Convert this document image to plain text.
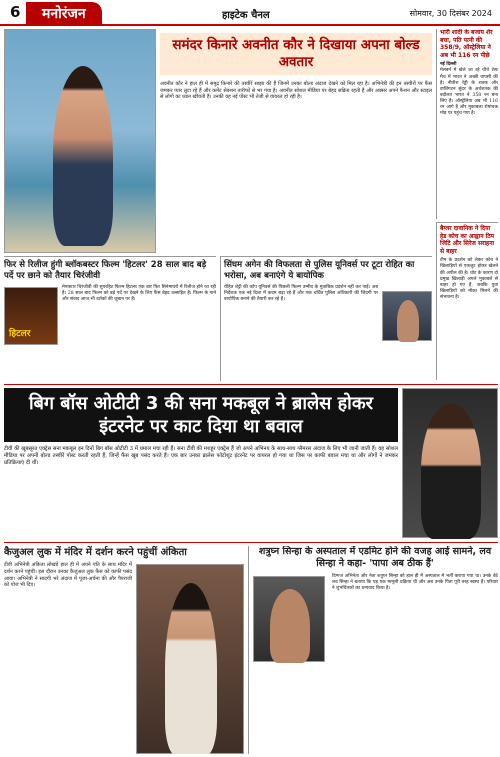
6	मनोरंजन	हाइटेक चैनल	सोमवार, 30 दिसंबर 2024
समंदर किनारे अवनीत कौर ने दिखाया अपना बोल्ड अवतार
अवनीत कौर ने हाल ही में समुद्र किनारे की तस्वीरें साझा की हैं जिनमें उनका बोल्ड अंदाज देखने को मिल रहा है। अभिनेत्री की इन तस्वीरों पर फैंस जमकर प्यार लुटा रहे हैं और कमेंट सेक्शन तारीफों से भर गया है। अवनीत सोशल मीडिया पर बेहद सक्रिय रहती हैं और अक्सर अपने फैशन और स्टाइल से लोगों का ध्यान खींचती हैं। उनकी यह नई पोस्ट भी तेजी से वायरल हो रही है।
भारी शादी के बजाय शेर बचा, पति पत्नी की 358/9, ऑस्ट्रेलिया ने अब भी 116 रन पीछे
नई दिल्ली
मेलबर्न में खेले जा रहे चौथे टेस्ट मैच में भारत ने अच्छी वापसी की है। नीतीश रेड्डी के शतक और वाशिंगटन सुंदर के अर्धशतक की बदौलत भारत ने 358 रन बना लिए हैं। ऑस्ट्रेलिया अब भी 116 रन आगे है और मुकाबला रोमांचक मोड़ पर पहुंच गया है।
बैग्लर दावानिक ने दिया हेड कोच का आह्वान ठिप जिटि और सिरेज सराहना से बाहर
टीम के प्रदर्शन को लेकर कोच ने खिलाड़ियों से एकजुट होकर खेलने की अपील की है। चोट के कारण दो प्रमुख खिलाड़ी अगले मुकाबले से बाहर हो गए हैं, जबकि युवा खिलाड़ियों को मौका मिलने की संभावना है।
फिर से रिलीज हुंगी ब्लॉकबस्टर फिल्म 'हिटलर' 28 साल बाद बड़े पर्दे पर छाने को तैयार चिरंजीवी
हिटलर
मेगास्टार चिरंजीवी की सुपरहिट फिल्म हिटलर एक बार फिर सिनेमाघरों में रिलीज होने जा रही है। 28 साल बाद फिल्म को बड़े पर्दे पर देखने के लिए फैंस बेहद उत्साहित हैं। फिल्म के गाने और संवाद आज भी दर्शकों की जुबान पर हैं।
सिंघम अगेन की विफलता से पुलिस यूनिवर्स पर टूटा रोहित का भरोसा, अब बनाएंगे ये बायोपिक
रोहित शेट्टी की कॉप यूनिवर्स की पिछली फिल्म उम्मीद के मुताबिक प्रदर्शन नहीं कर पाई। अब निर्देशक एक नई दिशा में कदम बढ़ा रहे हैं और एक चर्चित पुलिस अधिकारी की जिंदगी पर बायोपिक बनाने की तैयारी कर रहे हैं।
बिग बॉस ओटीटी 3 की सना मकबूल ने ब्रालेस होकर इंटरनेट पर काट दिया था बवाल
टीवी की खूबसूरत एक्ट्रेस सना मकबूल इन दिनों बिग बॉस ओटीटी 3 में धमाल मचा रही हैं। सना टीवी की मशहूर एक्ट्रेस हैं जो अपने अभिनय के साथ-साथ ग्लैमरस अंदाज के लिए भी जानी जाती हैं। वह सोशल मीडिया पर अपनी बोल्ड तस्वीरें पोस्ट करती रहती हैं, जिन्हें फैंस खूब पसंद करते हैं। एक बार उनका ब्रालेस फोटोशूट इंटरनेट पर वायरल हो गया था जिस पर काफी बवाल मचा था और लोगों ने जमकर प्रतिक्रियाएं दी थीं।
कैजुअल लुक में मंदिर में दर्शन करने पहुंचीं अंकिता
टीवी अभिनेत्री अंकिता लोखंडे हाल ही में अपने पति के साथ मंदिर में दर्शन करने पहुंचीं। इस दौरान उनका कैजुअल लुक फैंस को काफी पसंद आया। अभिनेत्री ने सादगी भरे अंदाज में पूजा-अर्चना की और पैपराजी को पोज भी दिए।
शत्रुघ्न सिन्हा के अस्पताल में एडमिट होने की वजह आई सामने, लव सिन्हा ने कहा- 'पापा अब ठीक हैं'
दिग्गज अभिनेता और नेता शत्रुघ्न सिन्हा को हाल ही में अस्पताल में भर्ती कराया गया था। उनके बेटे लव सिन्हा ने बताया कि यह एक मामूली प्रक्रिया थी और अब उनके पिता पूरी तरह स्वस्थ हैं। परिवार ने शुभचिंतकों का धन्यवाद किया है।
